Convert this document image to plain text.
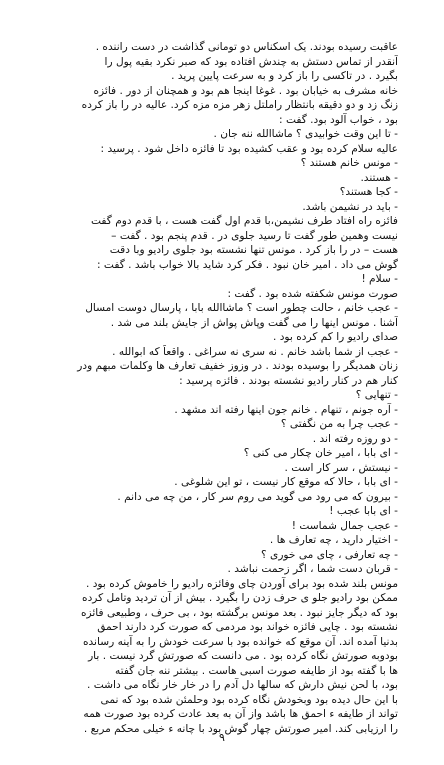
عاقبت رسیده بودند. یک اسکناس دو تومانی گذاشت در دست راننده .
آنقدر از تماس دستش به چندش افتاده بود که صبر نکرد بقیه پول را
بگیرد . در تاکسی را باز کرد و به سرعت پایین پرید .
خانه مشرف به خیابان بود . غوغا اینجا هم بود و همچنان از دور . فائزه
زنگ زد و دو دقیقه بانتظار راملتل زهر مزه مزه کرد. عالیه در را باز کرده
بود ، خواب آلود بود. گفت :
- تا این وقت خوابیدی ؟ ماشاالله ننه جان .
عالیه سلام کرده بود و عقب کشیده بود تا فائزه داخل شود . پرسید :
- مونس خانم هستند ؟
- هستند.
- کجا هستند؟
- باید در نشیمن باشد.
فائزه راه افتاد طرف نشیمن،با قدم اول گفت هست ، با قدم دوم گفت
نیست وهمین طور گفت تا رسید جلوی در . قدم پنجم بود . گفت –
هست – در را باز کرد . مونس تنها نشسته بود جلوی رادیو وبا دقت
گوش می داد . امیر خان نبود . فکر کرد شاید بالا خواب باشد . گفت :
- سلام !
صورت مونس شکفته شده بود . گفت :
- عجب خانم ، حالت چطور است ؟ ماشاالله بابا ، پارسال دوست امسال
آشنا . مونس اینها را می گفت وپاش پواش از جایش بلند می شد .
صدای رادیو را کم کرده بود .
- عجب از شما باشد خانم . نه سری نه سراغی . واقعاً که ابوالله .
زنان همدیگر را بوسیده بودند . در وزوز خفیف تعارف ها وکلمات مبهم ودر
کنار هم در کنار رادیو نشسته بودند . فائزه پرسید :
- تنهایی ؟
- آره جونم ، تنهام . خانم جون اینها رفته اند مشهد .
- عجب چرا به من نگفتی ؟
- دو روزه رفته اند .
- ای بابا ، امیر خان چکار می کنی ؟
- نیستش ، سر کار است .
- ای بابا ، حالا که موقع کار نیست ، تو این شلوغی .
- بیرون که می رود می گوید می روم سر کار ، من چه می دانم .
- ای بابا عجب !
- عجب جمال شماست !
- اختیار دارید ، چه تعارف ها .
- چه تعارفی ، چای می خوری ؟
- قربان دست شما ، اگر زحمت نباشد .
مونس بلند شده بود برای آوردن چای وفائزه رادیو را خاموش کرده بود .
ممکن بود رادیو جلو ی حرف زدن را بگیرد . بیش از آن تردید وتامل کرده
بود که دیگر جایز نبود . بعد مونس برگشته بود ، بی حرف ، وطبیعی فائزه
نشسته بود . چایی فائزه خواند بود مردمی که صورت کرد دارند احمق
بدنیا آمده اند. آن موقع که خوانده بود با سرعت خودش را به آینه رسانده
بودوبه صورتش نگاه کرده بود . می دانست که صورتش گرد نیست . بار
ها با گفته بود از طایفه صورت اسبی هاست . بیشتر ننه جان گفته
بود، با لحن نیش دارش که سالها دل آدم را در خار خار نگاه می داشت .
با این حال دیده بود وبخودش نگاه کرده بود وحلمئن شده بود که نمی
تواند از طایفه ء احمق ها باشد واز آن به بعد عادت کرده بود صورت همه
را ارزیابی کند. امیر صورتش چهار گوش بود با چانه ء خیلی محکم مربع .
۹
